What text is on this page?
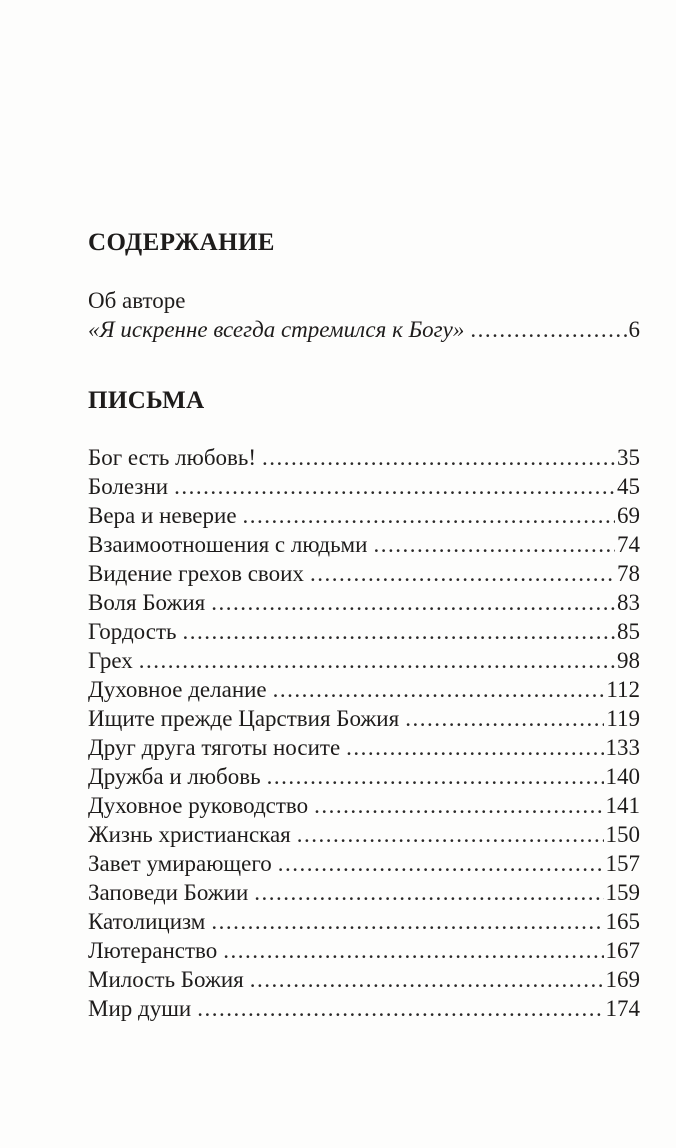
СОДЕРЖАНИЕ
Об авторе
«Я искренне всегда стремился к Богу» .....	6
ПИСЬМА
Бог есть любовь! .....	35
Болезни .....	45
Вера и неверие .....	69
Взаимоотношения с людьми .....	74
Видение грехов своих .....	78
Воля Божия .....	83
Гордость .....	85
Грех .....	98
Духовное делание .....	112
Ищите прежде Царствия Божия .....	119
Друг друга тяготы носите .....	133
Дружба и любовь .....	140
Духовное руководство .....	141
Жизнь христианская .....	150
Завет умирающего .....	157
Заповеди Божии .....	159
Католицизм .....	165
Лютеранство .....	167
Милость Божия .....	169
Мир души .....	174
